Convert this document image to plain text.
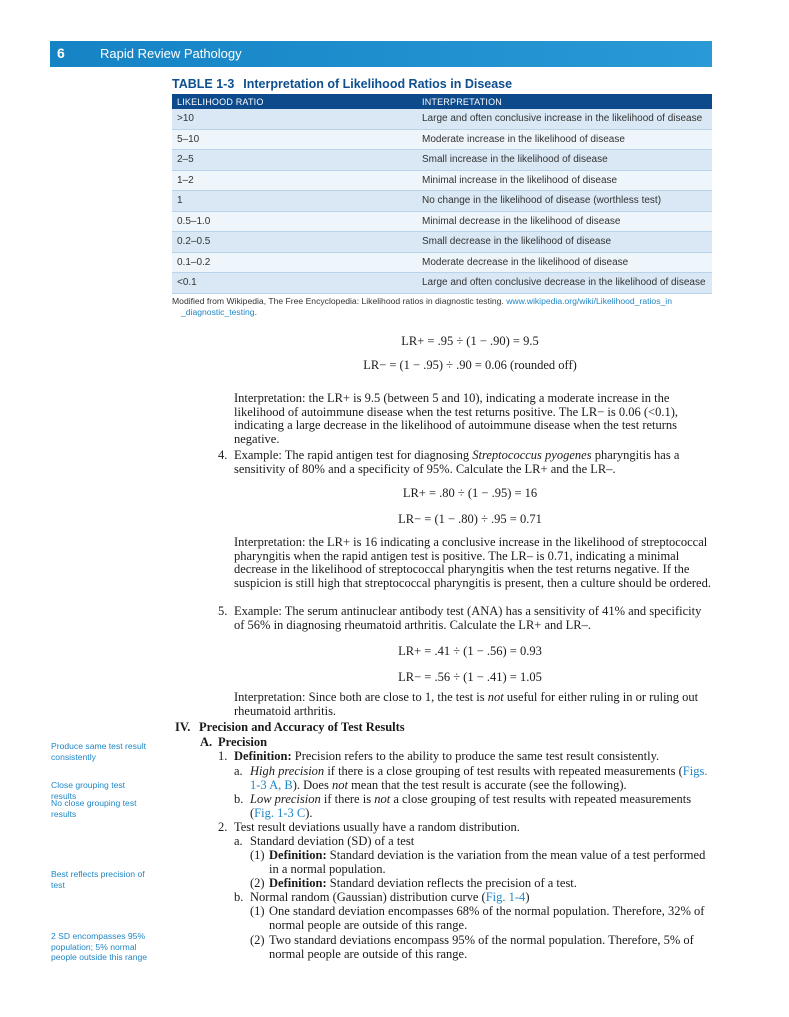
6	Rapid Review Pathology
TABLE 1-3 Interpretation of Likelihood Ratios in Disease
LIKELIHOOD RATIO	INTERPRETATION
>10	Large and often conclusive increase in the likelihood of disease
5–10	Moderate increase in the likelihood of disease
2–5	Small increase in the likelihood of disease
1–2	Minimal increase in the likelihood of disease
1	No change in the likelihood of disease (worthless test)
0.5–1.0	Minimal decrease in the likelihood of disease
0.2–0.5	Small decrease in the likelihood of disease
0.1–0.2	Moderate decrease in the likelihood of disease
<0.1	Large and often conclusive decrease in the likelihood of disease
Modified from Wikipedia, The Free Encyclopedia: Likelihood ratios in diagnostic testing. www.wikipedia.org/wiki/Likelihood_ratios_in
_diagnostic_testing.
LR+ = .95 ÷ (1 − .90) = 9.5
LR− = (1 − .95) ÷ .90 = 0.06 (rounded off)
Interpretation: the LR+ is 9.5 (between 5 and 10), indicating a moderate increase in the likelihood of autoimmune disease when the test returns positive. The LR− is 0.06 (<0.1), indicating a large decrease in the likelihood of autoimmune disease when the test returns negative.
4. Example: The rapid antigen test for diagnosing Streptococcus pyogenes pharyngitis has a sensitivity of 80% and a specificity of 95%. Calculate the LR+ and the LR–.
LR+ = .80 ÷ (1 − .95) = 16
LR− = (1 − .80) ÷ .95 = 0.71
Interpretation: the LR+ is 16 indicating a conclusive increase in the likelihood of streptococcal pharyngitis when the rapid antigen test is positive. The LR– is 0.71, indicating a minimal decrease in the likelihood of streptococcal pharyngitis when the test returns negative. If the suspicion is still high that streptococcal pharyngitis is present, then a culture should be ordered.
5. Example: The serum antinuclear antibody test (ANA) has a sensitivity of 41% and specificity of 56% in diagnosing rheumatoid arthritis. Calculate the LR+ and LR–.
LR+ = .41 ÷ (1 − .56) = 0.93
LR− = .56 ÷ (1 − .41) = 1.05
Interpretation: Since both are close to 1, the test is not useful for either ruling in or ruling out rheumatoid arthritis.
IV. Precision and Accuracy of Test Results
A. Precision
1. Definition: Precision refers to the ability to produce the same test result consistently.
a. High precision if there is a close grouping of test results with repeated measurements (Figs. 1-3 A, B). Does not mean that the test result is accurate (see the following).
b. Low precision if there is not a close grouping of test results with repeated measurements (Fig. 1-3 C).
2. Test result deviations usually have a random distribution.
a. Standard deviation (SD) of a test
(1) Definition: Standard deviation is the variation from the mean value of a test performed in a normal population.
(2) Definition: Standard deviation reflects the precision of a test.
b. Normal random (Gaussian) distribution curve (Fig. 1-4)
(1) One standard deviation encompasses 68% of the normal population. Therefore, 32% of normal people are outside of this range.
(2) Two standard deviations encompass 95% of the normal population. Therefore, 5% of normal people are outside of this range.
Produce same test result consistently
Close grouping test results
No close grouping test results
Best reflects precision of test
2 SD encompasses 95% population; 5% normal people outside this range
